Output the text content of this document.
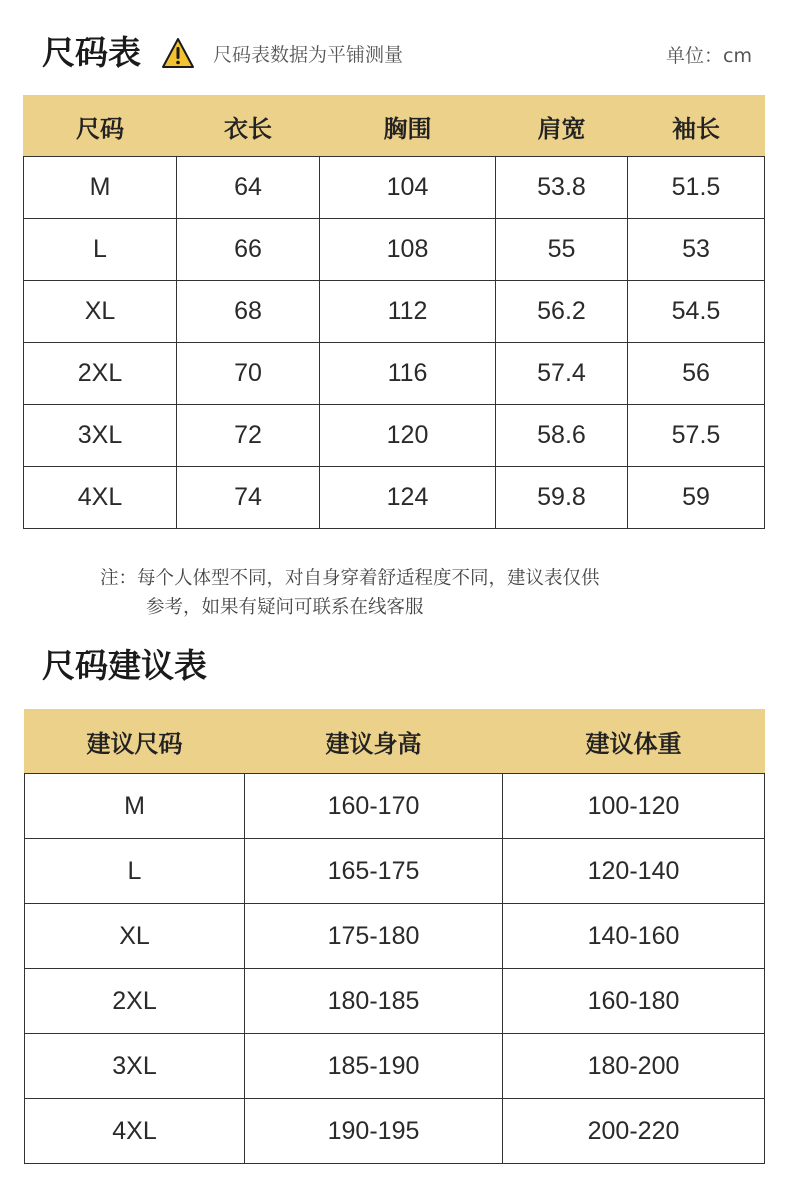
尺码表	尺码表数据为平铺测量	单位：cm
尺码	衣长	胸围	肩宽	袖长
M	64	104	53.8	51.5
L	66	108	55	53
XL	68	112	56.2	54.5
2XL	70	116	57.4	56
3XL	72	120	58.6	57.5
4XL	74	124	59.8	59
注：每个人体型不同，对自身穿着舒适程度不同，建议表仅供
参考，如果有疑问可联系在线客服
尺码建议表
建议尺码	建议身高	建议体重
M	160-170	100-120
L	165-175	120-140
XL	175-180	140-160
2XL	180-185	160-180
3XL	185-190	180-200
4XL	190-195	200-220
